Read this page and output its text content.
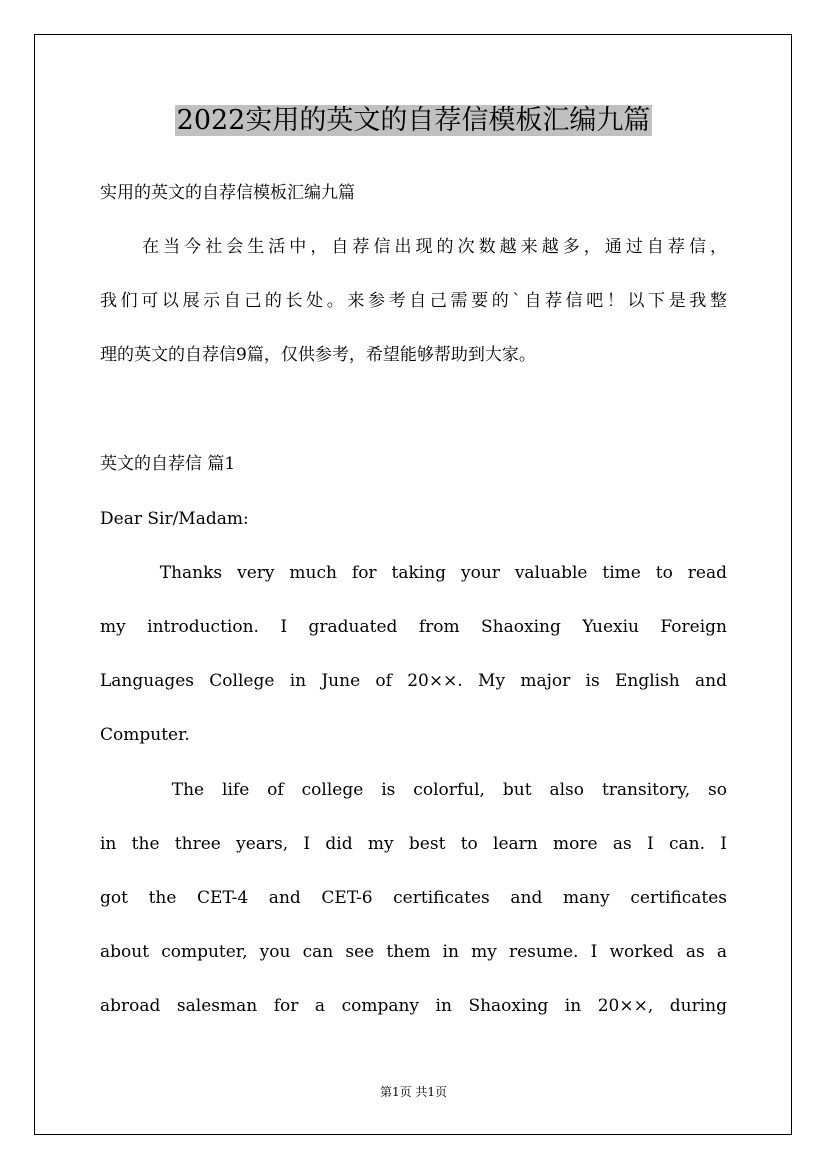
2022实用的英文的自荐信模板汇编九篇
实用的英文的自荐信模板汇编九篇
　　在当今社会生活中，自荐信出现的次数越来越多，通过自荐信，
我们可以展示自己的长处。来参考自己需要的`自荐信吧！以下是我整
理的英文的自荐信9篇，仅供参考，希望能够帮助到大家。
英文的自荐信 篇1
Dear Sir/Madam:
Thanks very much for taking your valuable time to read
my introduction. I graduated from Shaoxing Yuexiu Foreign
Languages College in June of 20××. My major is English and
Computer.
The life of college is colorful, but also transitory, so
in the three years, I did my best to learn more as I can. I
got the CET-4 and CET-6 certificates and many certificates
about computer, you can see them in my resume. I worked as a
abroad salesman for a company in Shaoxing in 20××, during
第1页 共1页
